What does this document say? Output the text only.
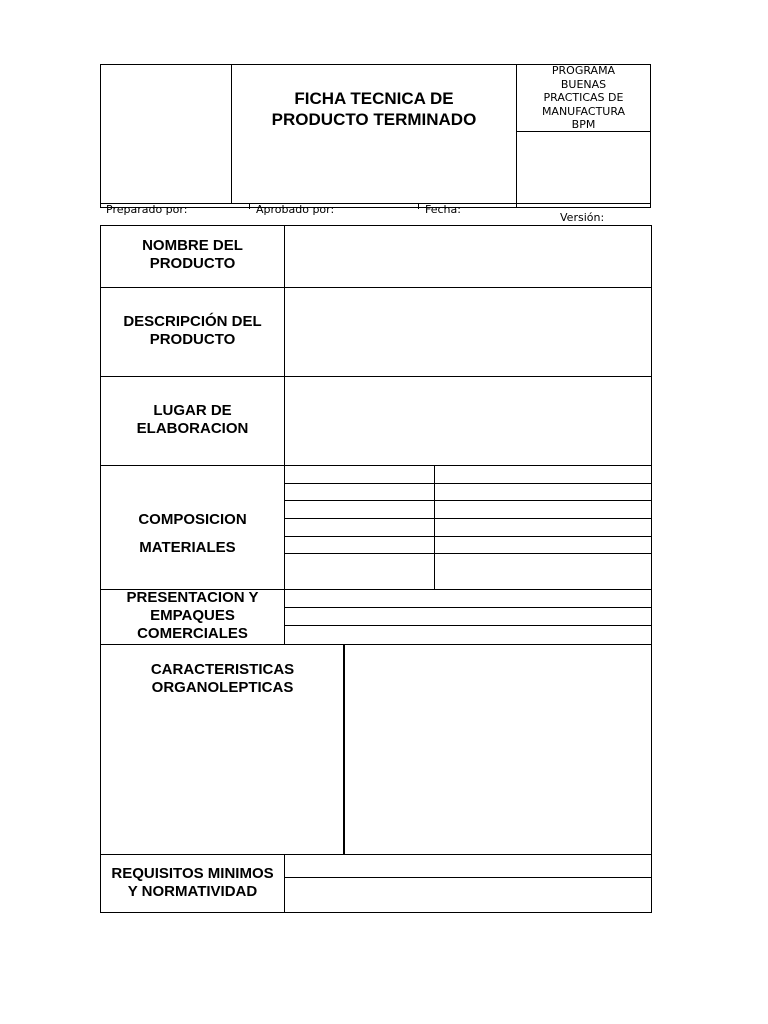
FICHA TECNICA DE
PRODUCTO TERMINADO
PROGRAMA
BUENAS
PRACTICAS DE
MANUFACTURA
BPM
Preparado por:	Aprobado por:	Fecha:
Versión:
NOMBRE DEL
PRODUCTO
DESCRIPCIÓN DEL
PRODUCTO
LUGAR DE
ELABORACION
COMPOSICION
MATERIALES
PRESENTACION Y
EMPAQUES
COMERCIALES
CARACTERISTICAS
ORGANOLEPTICAS
REQUISITOS MINIMOS
Y NORMATIVIDAD
